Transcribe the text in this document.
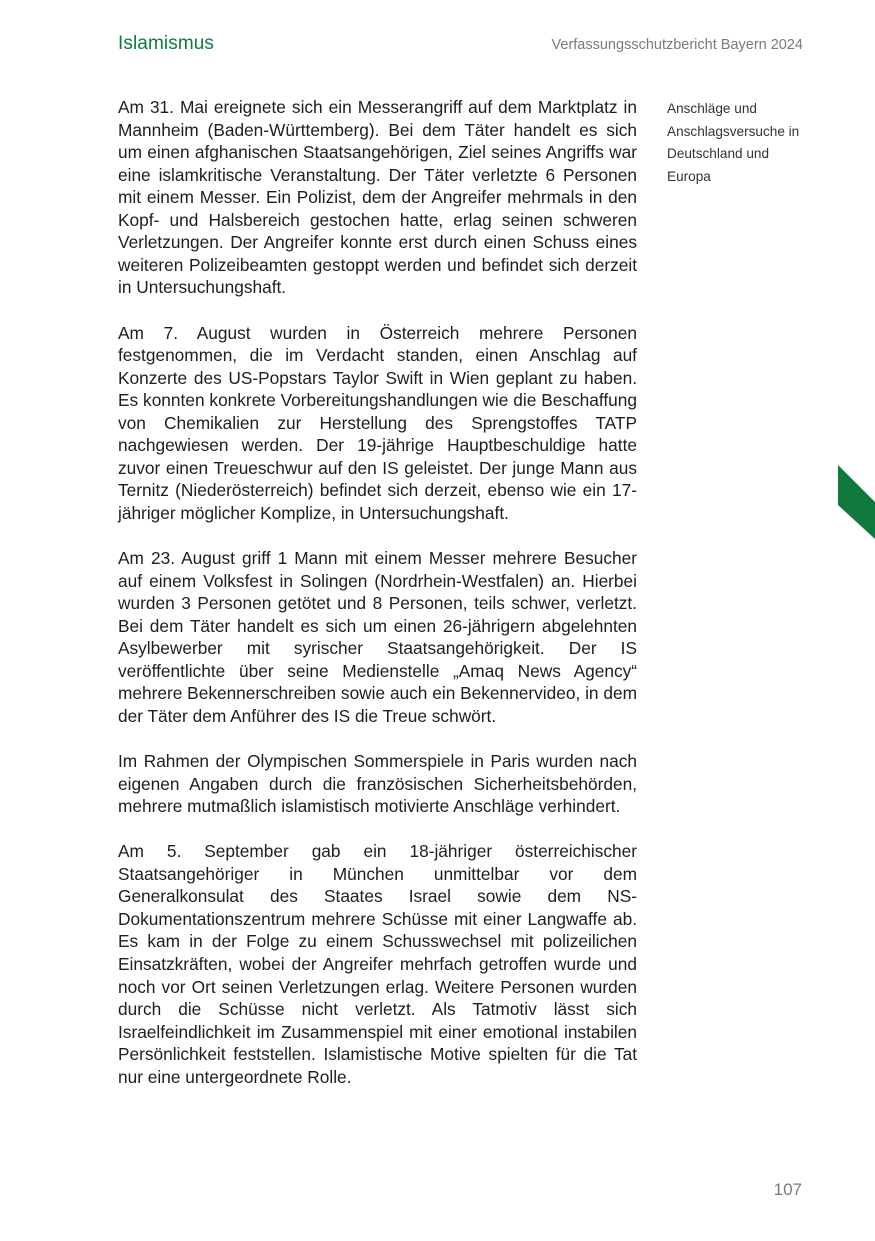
Islamismus	Verfassungsschutzbericht Bayern 2024

Am 31. Mai ereignete sich ein Messerangriff auf dem Marktplatz in Mannheim (Baden-Württemberg). Bei dem Täter handelt es sich um einen afghanischen Staatsangehörigen, Ziel seines Angriffs war eine islamkritische Veranstaltung. Der Täter verletzte 6 Personen mit einem Messer. Ein Polizist, dem der Angreifer mehrmals in den Kopf- und Halsbereich gestochen hatte, erlag seinen schweren Verletzungen. Der Angreifer konnte erst durch einen Schuss eines weiteren Polizeibeamten gestoppt werden und befindet sich derzeit in Untersuchungshaft.

Am 7. August wurden in Österreich mehrere Personen festgenommen, die im Verdacht standen, einen Anschlag auf Konzerte des US-Popstars Taylor Swift in Wien geplant zu haben. Es konnten konkrete Vorbereitungshandlungen wie die Beschaffung von Chemikalien zur Herstellung des Sprengstoffes TATP nachgewiesen werden. Der 19-jährige Hauptbeschuldige hatte zuvor einen Treueschwur auf den IS geleistet. Der junge Mann aus Ternitz (Niederösterreich) befindet sich derzeit, ebenso wie ein 17-jähriger möglicher Komplize, in Untersuchungshaft.

Am 23. August griff 1 Mann mit einem Messer mehrere Besucher auf einem Volksfest in Solingen (Nordrhein-Westfalen) an. Hierbei wurden 3 Personen getötet und 8 Personen, teils schwer, verletzt. Bei dem Täter handelt es sich um einen 26-jährigern abgelehnten Asylbewerber mit syrischer Staatsangehörigkeit. Der IS veröffentlichte über seine Medienstelle „Amaq News Agency“ mehrere Bekennerschreiben sowie auch ein Bekennervideo, in dem der Täter dem Anführer des IS die Treue schwört.

Im Rahmen der Olympischen Sommerspiele in Paris wurden nach eigenen Angaben durch die französischen Sicherheitsbehörden, mehrere mutmaßlich islamistisch motivierte Anschläge verhindert.

Am 5. September gab ein 18-jähriger österreichischer Staatsangehöriger in München unmittelbar vor dem Generalkonsulat des Staates Israel sowie dem NS-Dokumentationszentrum mehrere Schüsse mit einer Langwaffe ab. Es kam in der Folge zu einem Schusswechsel mit polizeilichen Einsatzkräften, wobei der Angreifer mehrfach getroffen wurde und noch vor Ort seinen Verletzungen erlag. Weitere Personen wurden durch die Schüsse nicht verletzt. Als Tatmotiv lässt sich Israelfeindlichkeit im Zusammenspiel mit einer emotional instabilen Persönlichkeit feststellen. Islamistische Motive spielten für die Tat nur eine untergeordnete Rolle.

Anschläge und Anschlagsversuche in Deutschland und Europa
107
